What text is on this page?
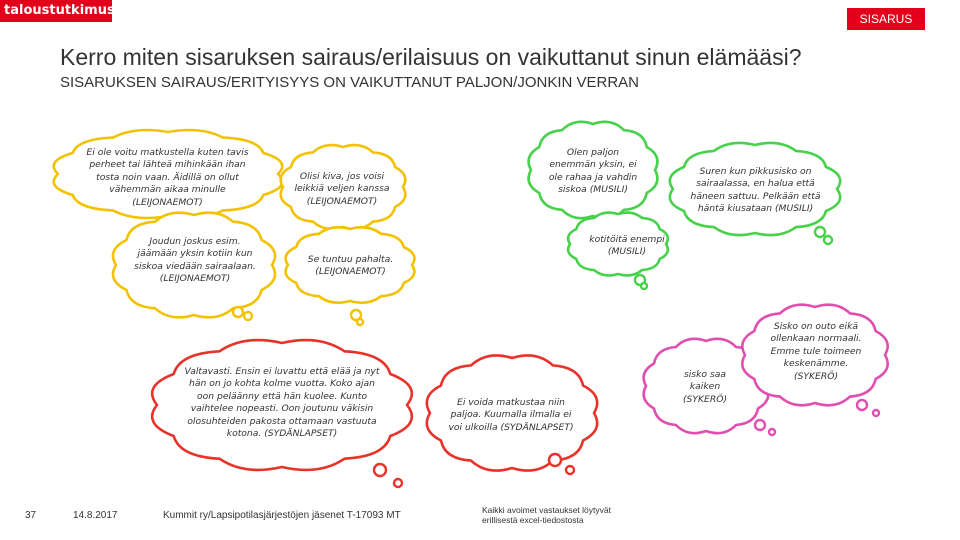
taloustutkimus
SISARUS
Kerro miten sisaruksen sairaus/erilaisuus on vaikuttanut sinun elämääsi?
SISARUKSEN SAIRAUS/ERITYISYYS ON VAIKUTTANUT PALJON/JONKIN VERRAN
Ei ole voitu matkustella kuten tavis perheet tai lähteä mihinkään ihan tosta noin vaan. Äidillä on ollut vähemmän aikaa minulle (LEIJONAEMOT)
Olisi kiva, jos voisi leikkiä veljen kanssa (LEIJONAEMOT)
Joudun joskus esim. jäämään yksin kotiin kun siskoa viedään sairaalaan. (LEIJONAEMOT)
Se tuntuu pahalta. (LEIJONAEMOT)
Olen paljon enemmän yksin, ei ole rahaa ja vahdin siskoa (MUSILI)
Suren kun pikkusisko on sairaalassa, en halua että häneen sattuu. Pelkään että häntä kiusataan (MUSILI)
kotitöitä enempi (MUSILI)
Valtavasti. Ensin ei luvattu että elää ja nyt hän on jo kohta kolme vuotta. Koko ajan oon peläänny että hän kuolee. Kunto vaihtelee nopeasti. Oon joutunu väkisin olosuhteiden pakosta ottamaan vastuuta kotona. (SYDÄNLAPSET)
Ei voida matkustaa niin paljoa. Kuumalla ilmalla ei voi ulkoilla (SYDÄNLAPSET)
sisko saa kaiken (SYKERÖ)
Sisko on outo eikä ollenkaan normaali. Emme tule toimeen keskenämme. (SYKERÖ)
37	14.8.2017	Kummit ry/Lapsipotilasjärjestöjen jäsenet T-17093 MT	Kaikki avoimet vastaukset löytyvät erillisestä excel-tiedostosta
